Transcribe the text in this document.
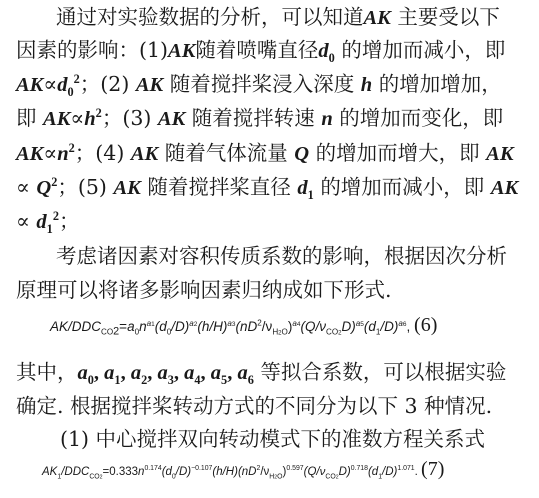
通过对实验数据的分析，可以知道AK 主要受以下
因素的影响：(1)AK随着喷嘴直径$d_0$ 的增加而减小，即
$AK\propto d_0^2$；(2) AK 随着搅拌桨浸入深度 h 的增加增加，
即 $AK\propto h^2$；(3) AK 随着搅拌转速 n 的增加而变化，即
$AK\propto n^2$；(4) AK 随着气体流量 Q 的增加而增大，即 AK
∝ $Q^2$；(5) AK 随着搅拌桨直径 $d_1$ 的增加而减小，即 AK
∝ $d_1^2$；
考虑诸因素对容积传质系数的影响，根据因次分析
原理可以将诸多影响因素归纳成如下形式.
$AK/DDC_{CO2}=a_0n^{a1}(d_0/D)^{a2}(h/H)^{a3}(nD^2/\nu_{H2O})^{a4}(Q/\nu_{CO2}D)^{a5}(d_1/D)^{a6}$, (6)
其中，$a_0$, $a_1$, $a_2$, $a_3$, $a_4$, $a_5$, $a_6$ 等拟合系数，可以根据实验
确定. 根据搅拌桨转动方式的不同分为以下 3 种情况.
(1) 中心搅拌双向转动模式下的准数方程关系式
$AK_1/DDC_{CO2}=0.333n^{0.174}(d_0/D)^{-0.107}(h/H)(nD^2/\nu_{H2O})^{0.597}(Q/\nu_{CO2}D)^{0.718}(d_1/D)^{1.071}$. (7)
